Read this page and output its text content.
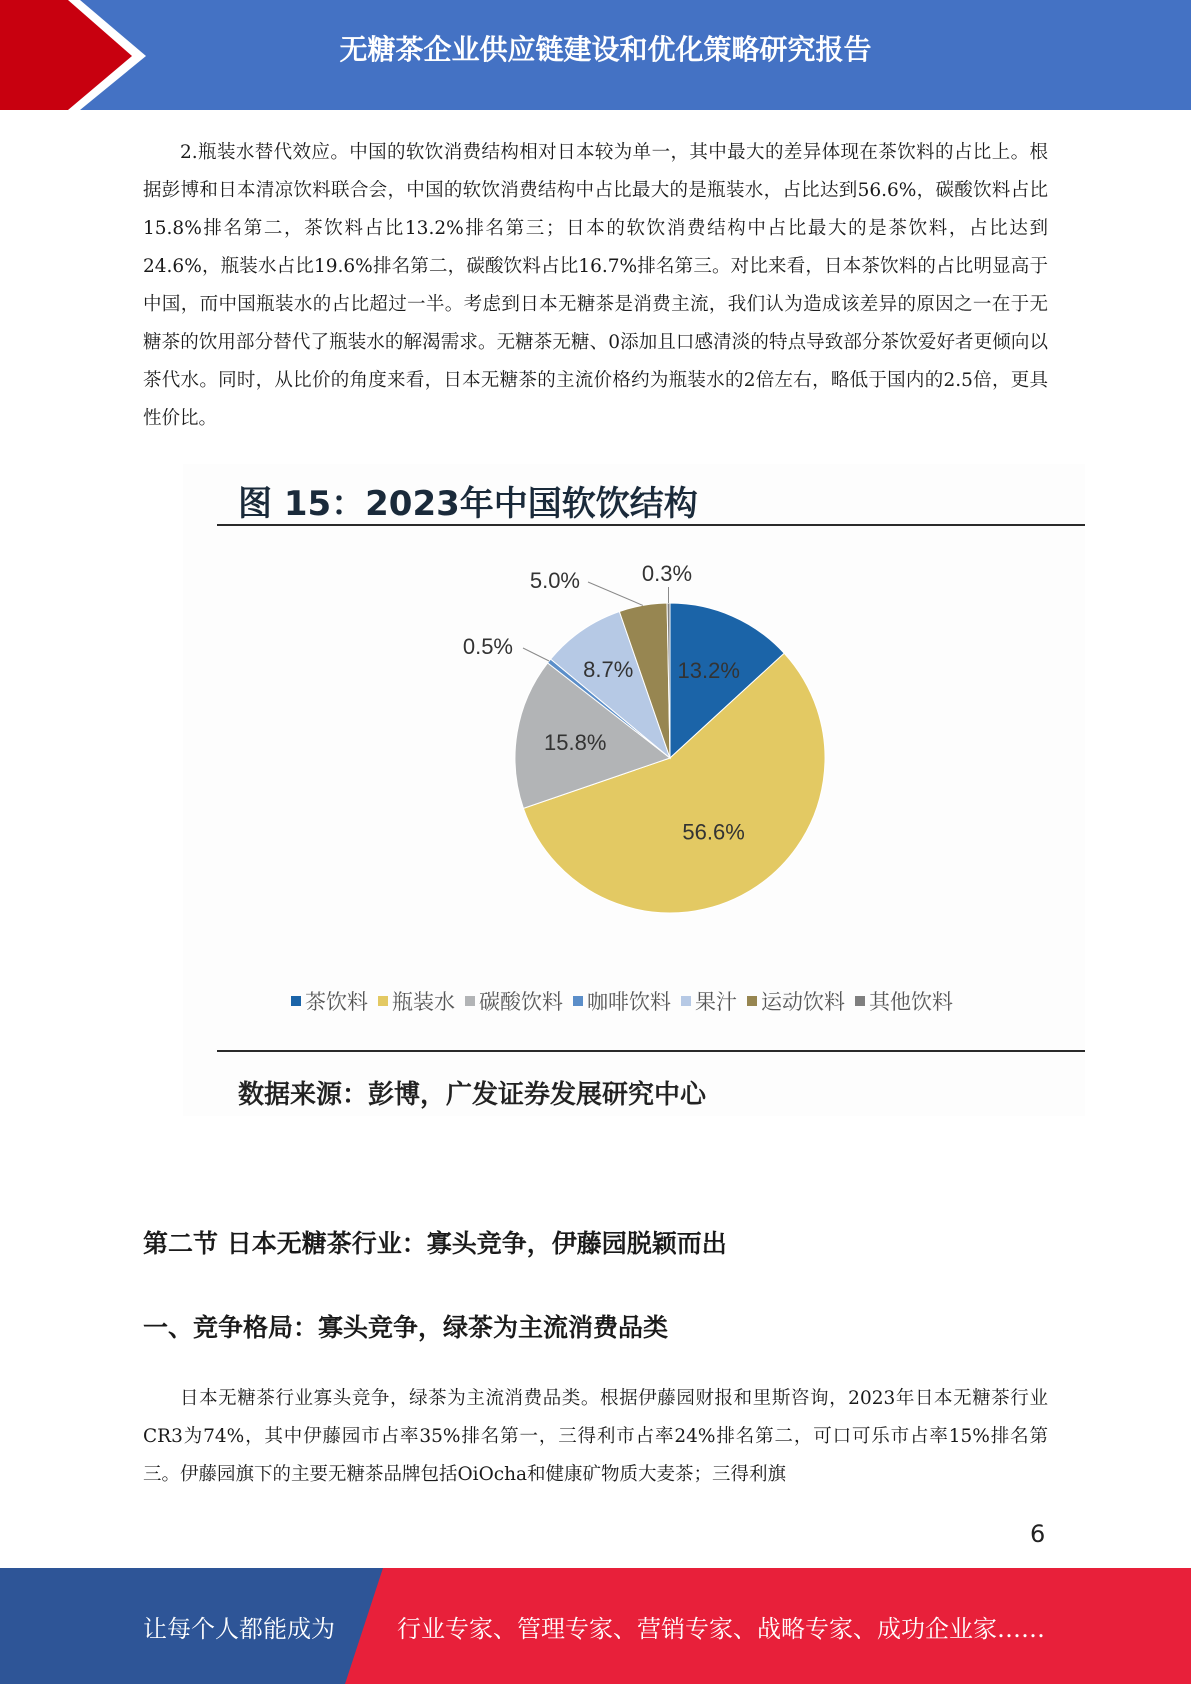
无糖茶企业供应链建设和优化策略研究报告

2.瓶装水替代效应。中国的软饮消费结构相对日本较为单一，其中最大的差异体现在茶饮料的占比上。根据彭博和日本清凉饮料联合会，中国的软饮消费结构中占比最大的是瓶装水，占比达到56.6%，碳酸饮料占比15.8%排名第二，茶饮料占比13.2%排名第三；日本的软饮消费结构中占比最大的是茶饮料，占比达到24.6%，瓶装水占比19.6%排名第二，碳酸饮料占比16.7%排名第三。对比来看，日本茶饮料的占比明显高于中国，而中国瓶装水的占比超过一半。考虑到日本无糖茶是消费主流，我们认为造成该差异的原因之一在于无糖茶的饮用部分替代了瓶装水的解渴需求。无糖茶无糖、0添加且口感清淡的特点导致部分茶饮爱好者更倾向以茶代水。同时，从比价的角度来看，日本无糖茶的主流价格约为瓶装水的2倍左右，略低于国内的2.5倍，更具性价比。

图 15：2023年中国软饮结构
13.2%
56.6%
15.8%
0.5%
8.7%
5.0%	0.3%
茶饮料 瓶装水 碳酸饮料 咖啡饮料 果汁 运动饮料 其他饮料
数据来源：彭博，广发证券发展研究中心
第二节 日本无糖茶行业：寡头竞争，伊藤园脱颖而出
一、竞争格局：寡头竞争，绿茶为主流消费品类

日本无糖茶行业寡头竞争，绿茶为主流消费品类。根据伊藤园财报和里斯咨询，2023年日本无糖茶行业CR3为74%，其中伊藤园市占率35%排名第一，三得利市占率24%排名第二，可口可乐市占率15%排名第三。伊藤园旗下的主要无糖茶品牌包括OiOcha和健康矿物质大麦茶；三得利旗

6
让每个人都能成为	行业专家、管理专家、营销专家、战略专家、成功企业家……
